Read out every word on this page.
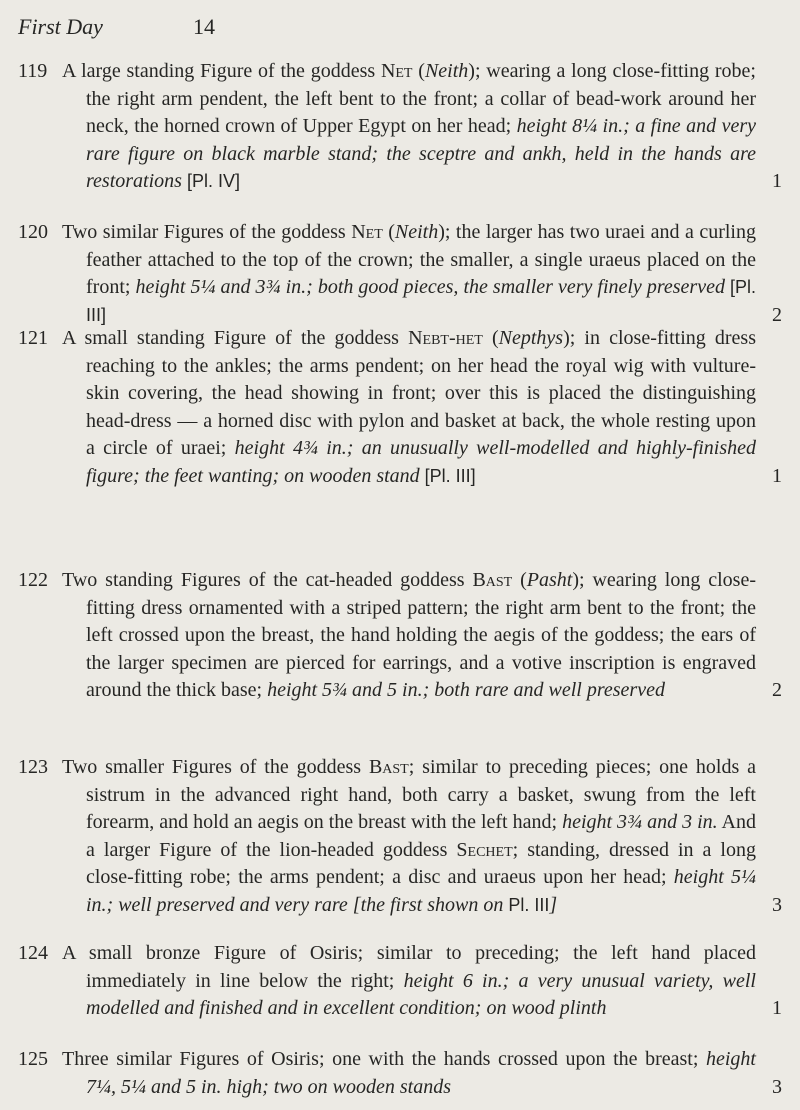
First Day	14
119 A large standing Figure of the goddess Net (Neith); wearing a long close-fitting robe; the right arm pendent, the left bent to the front; a collar of bead-work around her neck, the horned crown of Upper Egypt on her head; height 8¼ in.; a fine and very rare figure on black marble stand; the sceptre and ankh, held in the hands are restorations [Pl. IV]	1
120 Two similar Figures of the goddess Net (Neith); the larger has two uraei and a curling feather attached to the top of the crown; the smaller, a single uraeus placed on the front; height 5¼ and 3¾ in.; both good pieces, the smaller very finely preserved [Pl. III]	2
121 A small standing Figure of the goddess Nebt-het (Nepthys); in close-fitting dress reaching to the ankles; the arms pendent; on her head the royal wig with vulture-skin covering, the head showing in front; over this is placed the distinguishing head-dress — a horned disc with pylon and basket at back, the whole resting upon a circle of uraei; height 4¾ in.; an unusually well-modelled and highly-finished figure; the feet wanting; on wooden stand [Pl. III]	1
122 Two standing Figures of the cat-headed goddess Bast (Pasht); wearing long close-fitting dress ornamented with a striped pattern; the right arm bent to the front; the left crossed upon the breast, the hand holding the aegis of the goddess; the ears of the larger specimen are pierced for earrings, and a votive inscription is engraved around the thick base; height 5¾ and 5 in.; both rare and well preserved	2
123 Two smaller Figures of the goddess Bast; similar to preceding pieces; one holds a sistrum in the advanced right hand, both carry a basket, swung from the left forearm, and hold an aegis on the breast with the left hand; height 3¾ and 3 in. And a larger Figure of the lion-headed goddess Sechet; standing, dressed in a long close-fitting robe; the arms pendent; a disc and uraeus upon her head; height 5¼ in.; well preserved and very rare [the first shown on Pl. III]	3
124 A small bronze Figure of Osiris; similar to preceding; the left hand placed immediately in line below the right; height 6 in.; a very unusual variety, well modelled and finished and in excellent condition; on wood plinth	1
125 Three similar Figures of Osiris; one with the hands crossed upon the breast; height 7¼, 5¼ and 5 in. high; two on wooden stands	3
